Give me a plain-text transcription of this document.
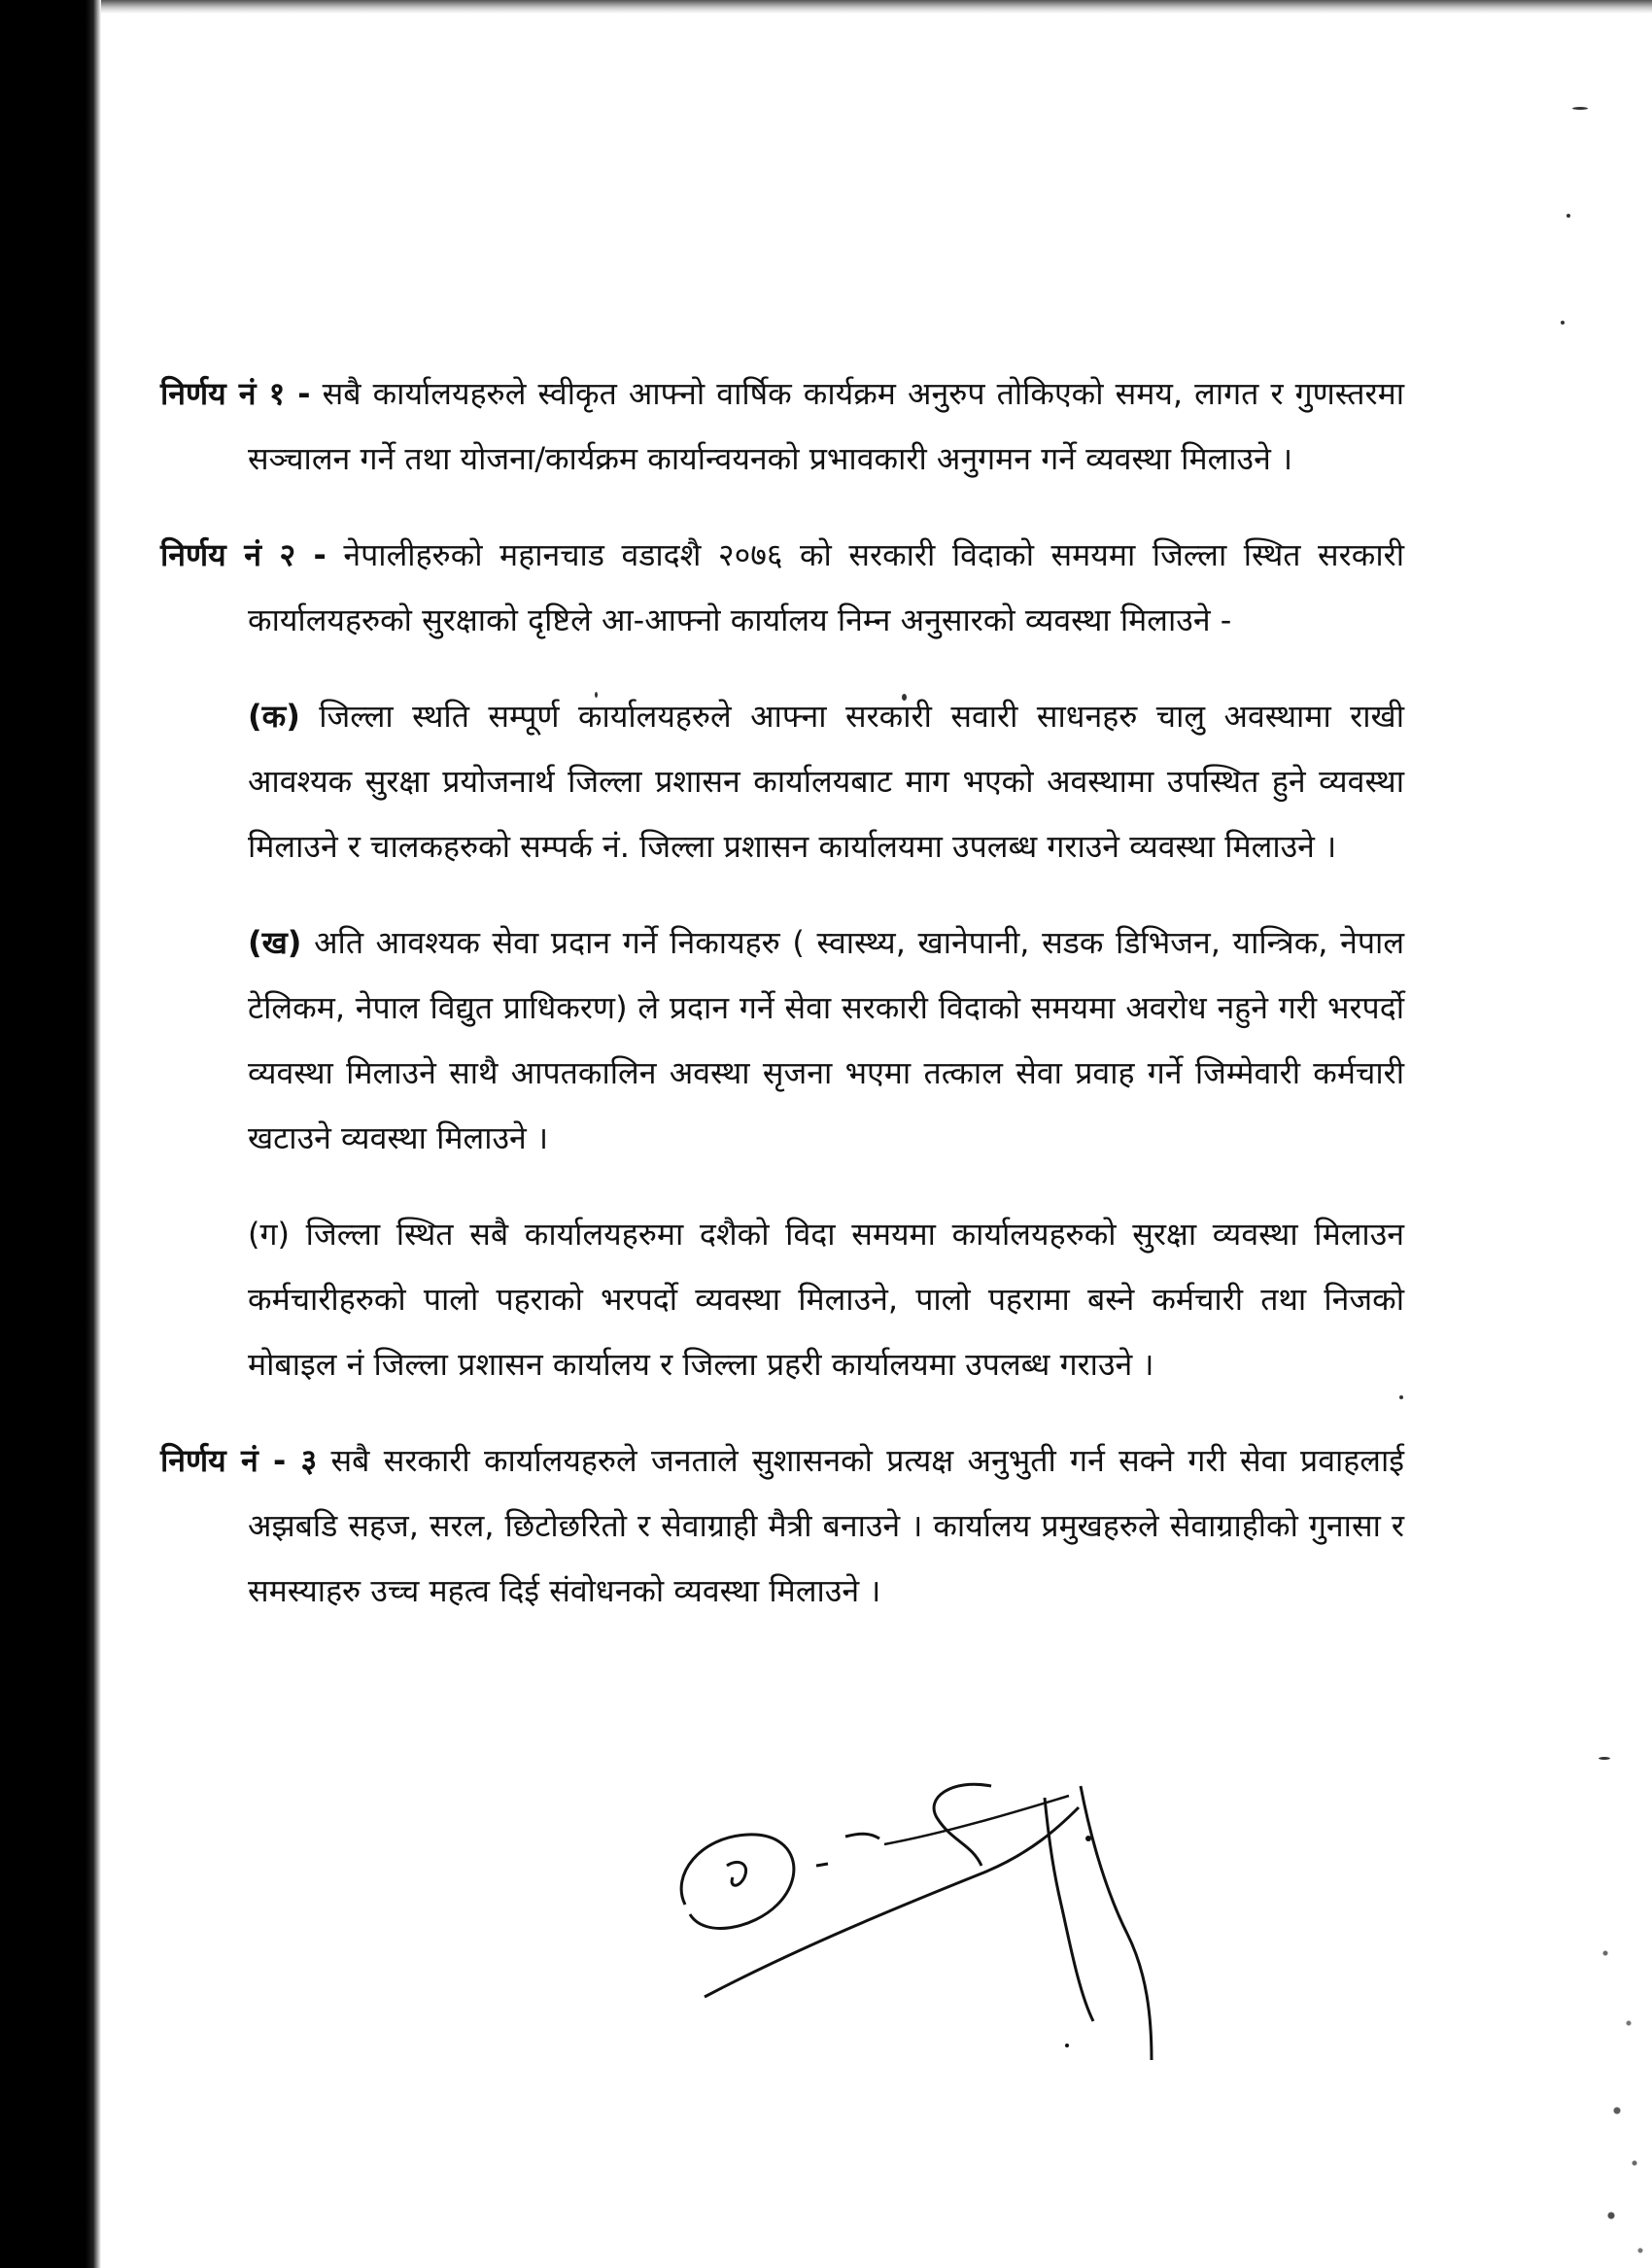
निर्णय नं १ - सबै कार्यालयहरुले स्वीकृत आफ्नो वार्षिक कार्यक्रम अनुरुप तोकिएको समय, लागत र गुणस्तरमा सञ्चालन गर्ने तथा योजना/कार्यक्रम कार्यान्वयनको प्रभावकारी अनुगमन गर्ने व्यवस्था मिलाउने ।

निर्णय नं २ - नेपालीहरुको महानचाड वडादशै २०७६ को सरकारी विदाको समयमा जिल्ला स्थित सरकारी कार्यालयहरुको सुरक्षाको दृष्टिले आ-आफ्नो कार्यालय निम्न अनुसारको व्यवस्था मिलाउने -

(क) जिल्ला स्थति सम्पूर्ण कार्यालयहरुले आफ्ना सरकारी सवारी साधनहरु चालु अवस्थामा राखी आवश्यक सुरक्षा प्रयोजनार्थ जिल्ला प्रशासन कार्यालयबाट माग भएको अवस्थामा उपस्थित हुने व्यवस्था मिलाउने र चालकहरुको सम्पर्क नं. जिल्ला प्रशासन कार्यालयमा उपलब्ध गराउने व्यवस्था मिलाउने ।

(ख) अति आवश्यक सेवा प्रदान गर्ने निकायहरु ( स्वास्थ्य, खानेपानी, सडक डिभिजन, यान्त्रिक, नेपाल टेलिकम, नेपाल विद्युत प्राधिकरण) ले प्रदान गर्ने सेवा सरकारी विदाको समयमा अवरोध नहुने गरी भरपर्दो व्यवस्था मिलाउने साथै आपतकालिन अवस्था सृजना भएमा तत्काल सेवा प्रवाह गर्ने जिम्मेवारी कर्मचारी खटाउने व्यवस्था मिलाउने ।

(ग) जिल्ला स्थित सबै कार्यालयहरुमा दशैको विदा समयमा कार्यालयहरुको सुरक्षा व्यवस्था मिलाउन कर्मचारीहरुको पालो पहराको भरपर्दो व्यवस्था मिलाउने, पालो पहरामा बस्ने कर्मचारी तथा निजको मोबाइल नं जिल्ला प्रशासन कार्यालय र जिल्ला प्रहरी कार्यालयमा उपलब्ध गराउने ।

निर्णय नं - ३ सबै सरकारी कार्यालयहरुले जनताले सुशासनको प्रत्यक्ष अनुभुती गर्न सक्ने गरी सेवा प्रवाहलाई अझबडि सहज, सरल, छिटोछरितो र सेवाग्राही मैत्री बनाउने । कार्यालय प्रमुखहरुले सेवाग्राहीको गुनासा र समस्याहरु उच्च महत्व दिई संवोधनको व्यवस्था मिलाउने ।
